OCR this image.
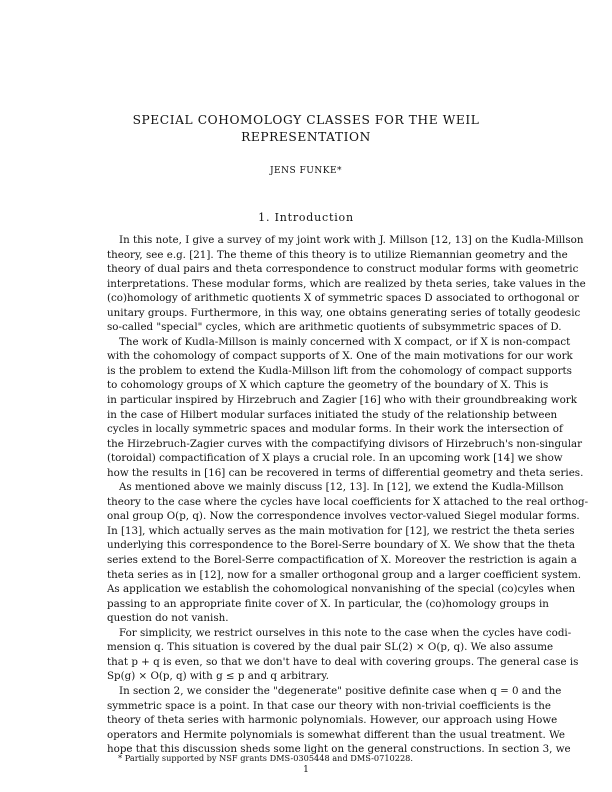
SPECIAL COHOMOLOGY CLASSES FOR THE WEIL
REPRESENTATION
JENS FUNKE*
1. Introduction

In this note, I give a survey of my joint work with J. Millson [12, 13] on the Kudla-Millson
theory, see e.g. [21]. The theme of this theory is to utilize Riemannian geometry and the
theory of dual pairs and theta correspondence to construct modular forms with geometric
interpretations. These modular forms, which are realized by theta series, take values in the
(co)homology of arithmetic quotients X of symmetric spaces D associated to orthogonal or
unitary groups. Furthermore, in this way, one obtains generating series of totally geodesic
so-called "special" cycles, which are arithmetic quotients of subsymmetric spaces of D.

The work of Kudla-Millson is mainly concerned with X compact, or if X is non-compact
with the cohomology of compact supports of X. One of the main motivations for our work
is the problem to extend the Kudla-Millson lift from the cohomology of compact supports
to cohomology groups of X which capture the geometry of the boundary of X. This is
in particular inspired by Hirzebruch and Zagier [16] who with their groundbreaking work
in the case of Hilbert modular surfaces initiated the study of the relationship between
cycles in locally symmetric spaces and modular forms. In their work the intersection of
the Hirzebruch-Zagier curves with the compactifying divisors of Hirzebruch's non-singular
(toroidal) compactification of X plays a crucial role. In an upcoming work [14] we show
how the results in [16] can be recovered in terms of differential geometry and theta series.

As mentioned above we mainly discuss [12, 13]. In [12], we extend the Kudla-Millson
theory to the case where the cycles have local coefficients for X attached to the real orthog-
onal group O(p, q). Now the correspondence involves vector-valued Siegel modular forms.
In [13], which actually serves as the main motivation for [12], we restrict the theta series
underlying this correspondence to the Borel-Serre boundary of X. We show that the theta
series extend to the Borel-Serre compactification of X. Moreover the restriction is again a
theta series as in [12], now for a smaller orthogonal group and a larger coefficient system.
As application we establish the cohomological nonvanishing of the special (co)cyles when
passing to an appropriate finite cover of X. In particular, the (co)homology groups in
question do not vanish.

For simplicity, we restrict ourselves in this note to the case when the cycles have codi-
mension q. This situation is covered by the dual pair SL(2) × O(p, q). We also assume
that p + q is even, so that we don't have to deal with covering groups. The general case is
Sp(g) × O(p, q) with g ≤ p and q arbitrary.

In section 2, we consider the "degenerate" positive definite case when q = 0 and the
symmetric space is a point. In that case our theory with non-trivial coefficients is the
theory of theta series with harmonic polynomials. However, our approach using Howe
operators and Hermite polynomials is somewhat different than the usual treatment. We
hope that this discussion sheds some light on the general constructions. In section 3, we

* Partially supported by NSF grants DMS-0305448 and DMS-0710228.
1
